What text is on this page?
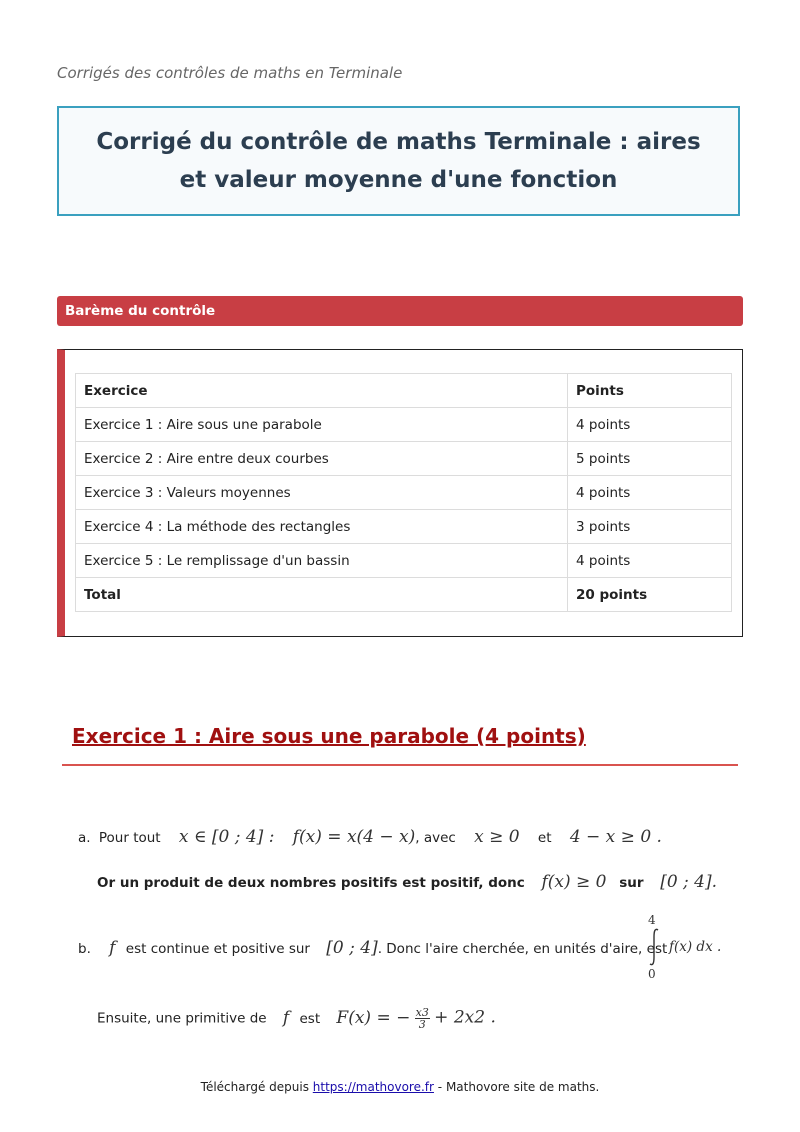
Corrigés des contrôles de maths en Terminale
Corrigé du contrôle de maths Terminale : aires et valeur moyenne d'une fonction
Barème du contrôle
Exercice	Points
Exercice 1 : Aire sous une parabole	4 points
Exercice 2 : Aire entre deux courbes	5 points
Exercice 3 : Valeurs moyennes	4 points
Exercice 4 : La méthode des rectangles	3 points
Exercice 5 : Le remplissage d'un bassin	4 points
Total	20 points
Exercice 1 : Aire sous une parabole (4 points)
a. Pour tout x ∈ [0 ; 4] : f(x) = x(4 − x), avec x ≥ 0 et 4 − x ≥ 0 .
Or un produit de deux nombres positifs est positif, donc f(x) ≥ 0 sur [0 ; 4].
b. f est continue et positive sur [0 ; 4]. Donc l'aire cherchée, en unités d'aire, est
4
0
f(x) dx .
Ensuite, une primitive de f est F(x) = − $\frac{x3}{3} + 2x2$ .
Téléchargé depuis https://mathovore.fr - Mathovore site de maths.
